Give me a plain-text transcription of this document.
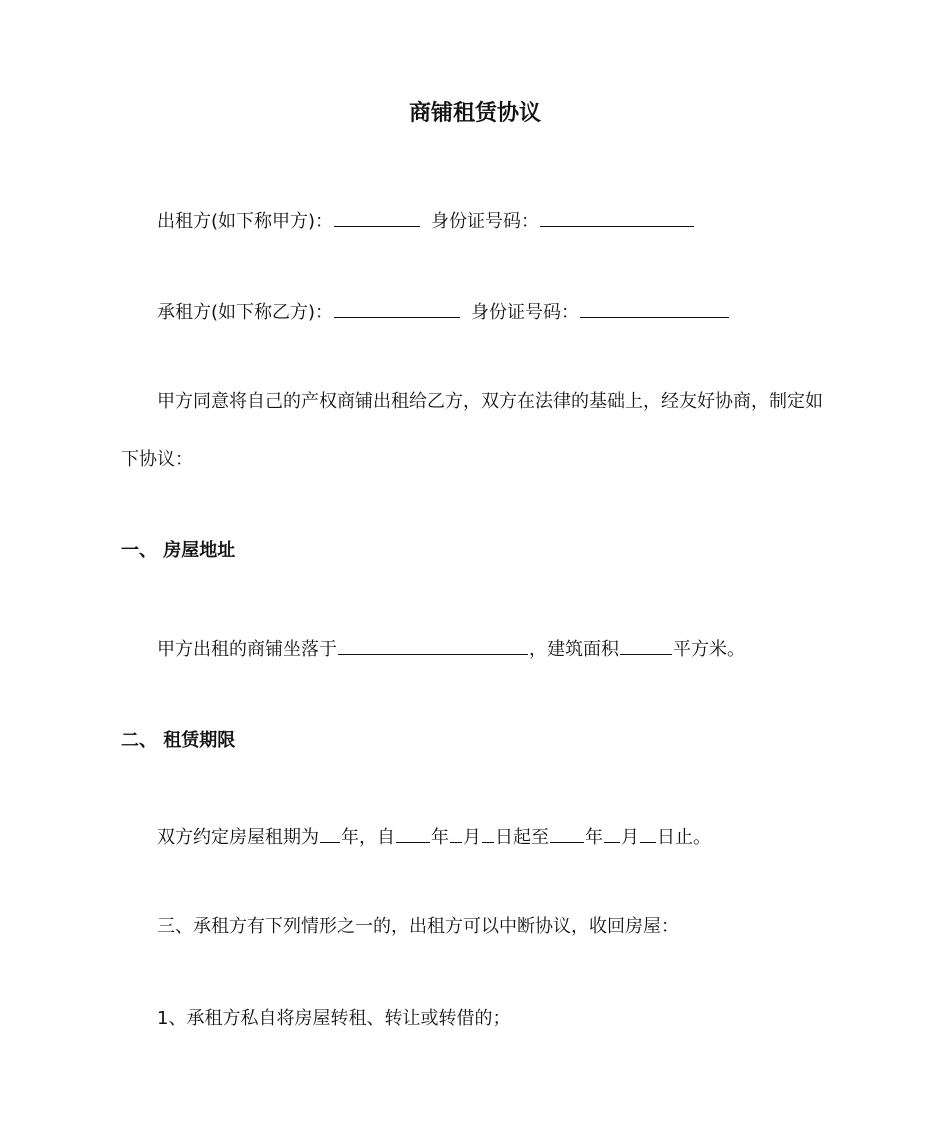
商铺租赁协议
出租方(如下称甲方)：	身份证号码：
承租方(如下称乙方)：	身份证号码：
甲方同意将自己的产权商铺出租给乙方，双方在法律的基础上，经友好协商，制定如
下协议：
一、 房屋地址
甲方出租的商铺坐落于	，建筑面积	平方米。
二、 租赁期限
双方约定房屋租期为 年，自 年 月 日起至 年 月 日止。
三、承租方有下列情形之一的，出租方可以中断协议，收回房屋：
1、承租方私自将房屋转租、转让或转借的；
